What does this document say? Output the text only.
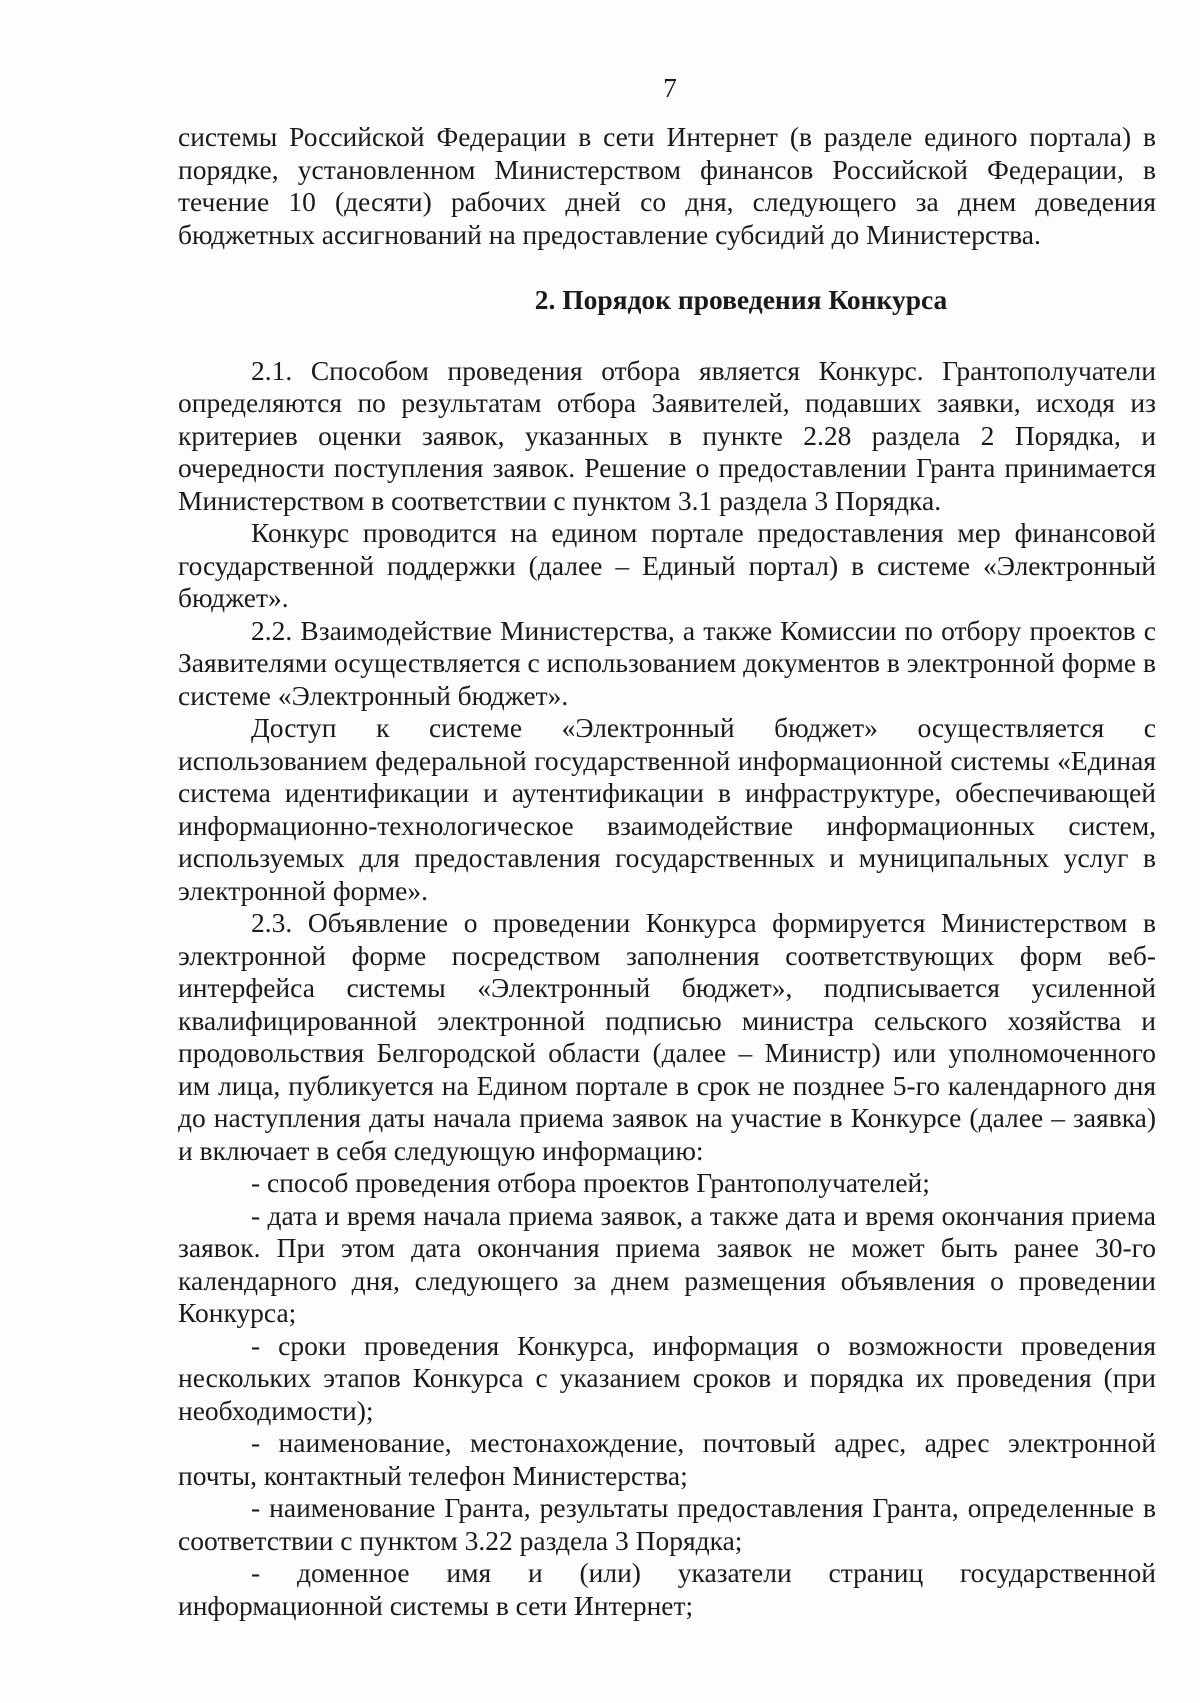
7

системы Российской Федерации в сети Интернет (в разделе единого портала) в порядке, установленном Министерством финансов Российской Федерации, в течение 10 (десяти) рабочих дней со дня, следующего за днем доведения бюджетных ассигнований на предоставление субсидий до Министерства.

2. Порядок проведения Конкурса

2.1. Способом проведения отбора является Конкурс. Грантополучатели определяются по результатам отбора Заявителей, подавших заявки, исходя из критериев оценки заявок, указанных в пункте 2.28 раздела 2 Порядка, и очередности поступления заявок. Решение о предоставлении Гранта принимается Министерством в соответствии с пунктом 3.1 раздела 3 Порядка.

Конкурс проводится на едином портале предоставления мер финансовой государственной поддержки (далее – Единый портал) в системе «Электронный бюджет».

2.2. Взаимодействие Министерства, а также Комиссии по отбору проектов с Заявителями осуществляется с использованием документов в электронной форме в системе «Электронный бюджет».

Доступ к системе «Электронный бюджет» осуществляется с использованием федеральной государственной информационной системы «Единая система идентификации и аутентификации в инфраструктуре, обеспечивающей информационно-технологическое взаимодействие информационных систем, используемых для предоставления государственных и муниципальных услуг в электронной форме».

2.3. Объявление о проведении Конкурса формируется Министерством в электронной форме посредством заполнения соответствующих форм веб-интерфейса системы «Электронный бюджет», подписывается усиленной квалифицированной электронной подписью министра сельского хозяйства и продовольствия Белгородской области (далее – Министр) или уполномоченного им лица, публикуется на Едином портале в срок не позднее 5-го календарного дня до наступления даты начала приема заявок на участие в Конкурсе (далее – заявка) и включает в себя следующую информацию:

- способ проведения отбора проектов Грантополучателей;

- дата и время начала приема заявок, а также дата и время окончания приема заявок. При этом дата окончания приема заявок не может быть ранее 30-го календарного дня, следующего за днем размещения объявления о проведении Конкурса;

- сроки проведения Конкурса, информация о возможности проведения нескольких этапов Конкурса с указанием сроков и порядка их проведения (при необходимости);

- наименование, местонахождение, почтовый адрес, адрес электронной почты, контактный телефон Министерства;

- наименование Гранта, результаты предоставления Гранта, определенные в соответствии с пунктом 3.22 раздела 3 Порядка;

- доменное имя и (или) указатели страниц государственной информационной системы в сети Интернет;
